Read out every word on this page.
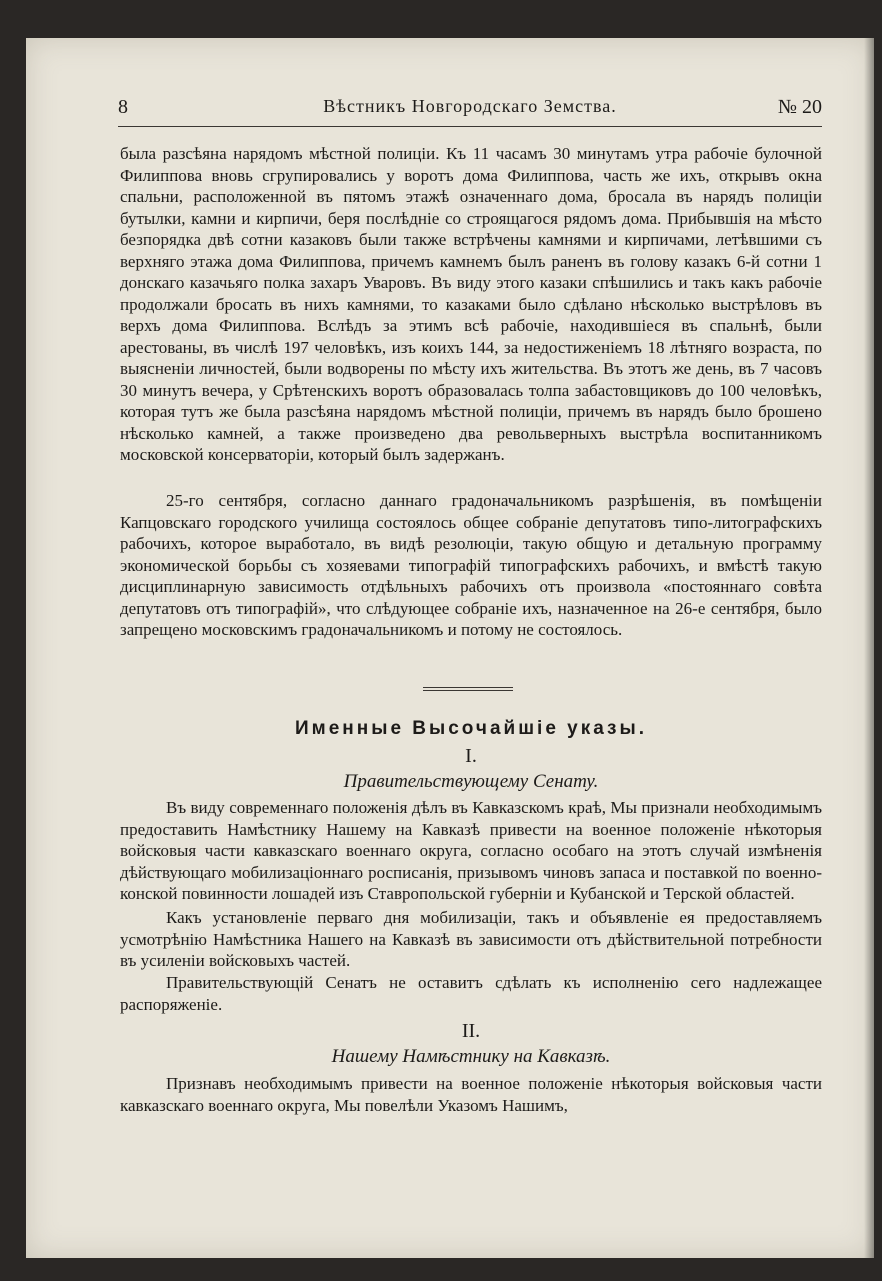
8	Вѣстникъ Новгородскаго Земства.	№ 20

была разсѣяна нарядомъ мѣстной полиціи. Къ 11 часамъ 30 минутамъ утра рабочіе булочной Филиппова вновь сгрупировались у воротъ дома Филиппова, часть же ихъ, открывъ окна спальни, расположенной въ пятомъ этажѣ означеннаго дома, бросала въ нарядъ полиціи бутылки, камни и кирпичи, беря послѣдніе со строящагося рядомъ дома. Прибывшія на мѣсто безпорядка двѣ сотни казаковъ были также встрѣчены камнями и кирпичами, летѣвшими съ верхняго этажа дома Филиппова, причемъ камнемъ былъ раненъ въ голову казакъ 6-й сотни 1 донскаго казачьяго полка захаръ Уваровъ. Въ виду этого казаки спѣшились и такъ какъ рабочіе продолжали бросать въ нихъ камнями, то казаками было сдѣлано нѣсколько выстрѣловъ въ верхъ дома Филиппова. Вслѣдъ за этимъ всѣ рабочіе, находившіеся въ спальнѣ, были арестованы, въ числѣ 197 человѣкъ, изъ коихъ 144, за недостиженіемъ 18 лѣтняго возраста, по выясненіи личностей, были водворены по мѣсту ихъ жительства. Въ этотъ же день, въ 7 часовъ 30 минутъ вечера, у Срѣтенскихъ воротъ образовалась толпа забастовщиковъ до 100 человѣкъ, которая тутъ же была разсѣяна нарядомъ мѣстной полиціи, причемъ въ нарядъ было брошено нѣсколько камней, а также произведено два револьверныхъ выстрѣла воспитанникомъ московской консерваторіи, который былъ задержанъ.

25-го сентября, согласно даннаго градоначальникомъ разрѣшенія, въ помѣщеніи Капцовскаго городского училища состоялось общее собраніе депутатовъ типо-литографскихъ рабочихъ, которое выработало, въ видѣ резолюціи, такую общую и детальную программу экономической борьбы съ хозяевами типографій типографскихъ рабочихъ, и вмѣстѣ такую дисциплинарную зависимость отдѣльныхъ рабочихъ отъ произвола «постояннаго совѣта депутатовъ отъ типографій», что слѣдующее собраніе ихъ, назначенное на 26-е сентября, было запрещено московскимъ градоначальникомъ и потому не состоялось.

Именные Высочайшіе указы.
I.
Правительствующему Сенату.

Въ виду современнаго положенія дѣлъ въ Кавказскомъ краѣ, Мы признали необходимымъ предоставить Намѣстнику Нашему на Кавказѣ привести на военное положеніе нѣкоторыя войсковыя части кавказскаго военнаго округа, согласно особаго на этотъ случай измѣненія дѣйствующаго мобилизаціоннаго росписанія, призывомъ чиновъ запаса и поставкой по военно-конской повинности лошадей изъ Ставропольской губерніи и Кубанской и Терской областей.

Какъ установленіе перваго дня мобилизаціи, такъ и объявленіе ея предоставляемъ усмотрѣнію Намѣстника Нашего на Кавказѣ въ зависимости отъ дѣйствительной потребности въ усиленіи войсковыхъ частей.

Правительствующій Сенатъ не оставитъ сдѣлать къ исполненію сего надлежащее распоряженіе.

II.
Нашему Намѣстнику на Кавказѣ.

Признавъ необходимымъ привести на военное положеніе нѣкоторыя войсковыя части кавказскаго военнаго округа, Мы повелѣли Указомъ Нашимъ,
